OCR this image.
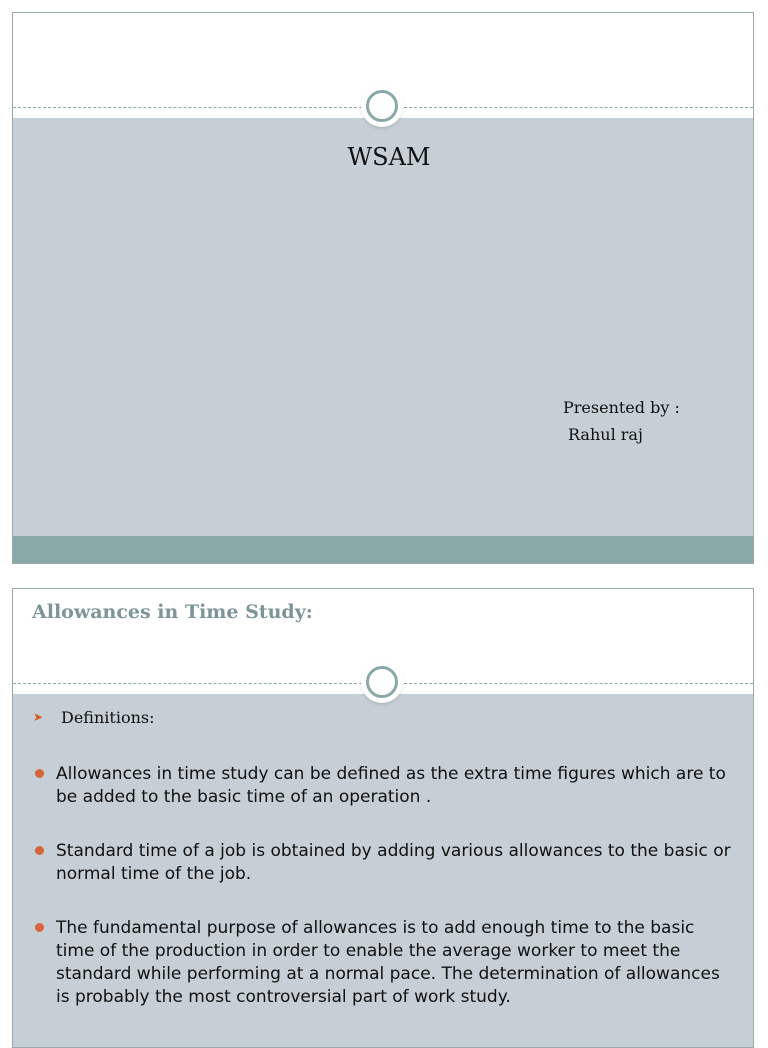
WSAM
Presented by :
Rahul raj
Allowances in Time Study:
➤ Definitions:
Allowances in time study can be defined as the extra time figures which are to be added to the basic time of an operation .
Standard time of a job is obtained by adding various allowances to the basic or normal time of the job.
The fundamental purpose of allowances is to add enough time to the basic time of the production in order to enable the average worker to meet the standard while performing at a normal pace. The determination of allowances is probably the most controversial part of work study.
